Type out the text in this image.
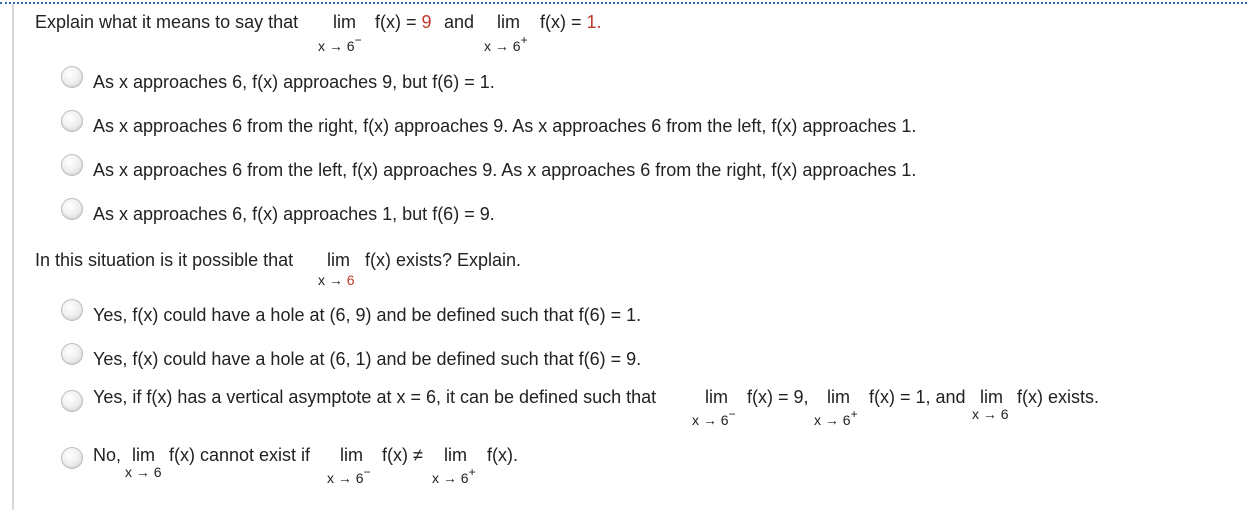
Explain what it means to say that lim f(x) = 9
x → 6−
and lim f(x) = 1.
x → 6+
As x approaches 6, f(x) approaches 9, but f(6) = 1.
As x approaches 6 from the right, f(x) approaches 9. As x approaches 6 from the left, f(x) approaches 1.
As x approaches 6 from the left, f(x) approaches 9. As x approaches 6 from the right, f(x) approaches 1.
As x approaches 6, f(x) approaches 1, but f(6) = 9.
In this situation is it possible that lim f(x) exists? Explain.
x → 6
Yes, f(x) could have a hole at (6, 9) and be defined such that f(6) = 1.
Yes, f(x) could have a hole at (6, 1) and be defined such that f(6) = 9.
Yes, if f(x) has a vertical asymptote at x = 6, it can be defined such that	lim f(x) = 9,
x → 6−
lim f(x) = 1, and
x → 6+
lim f(x) exists.
x → 6
No, lim f(x) cannot exist if
x → 6
lim f(x) ≠
x → 6−
lim f(x).
x → 6+
